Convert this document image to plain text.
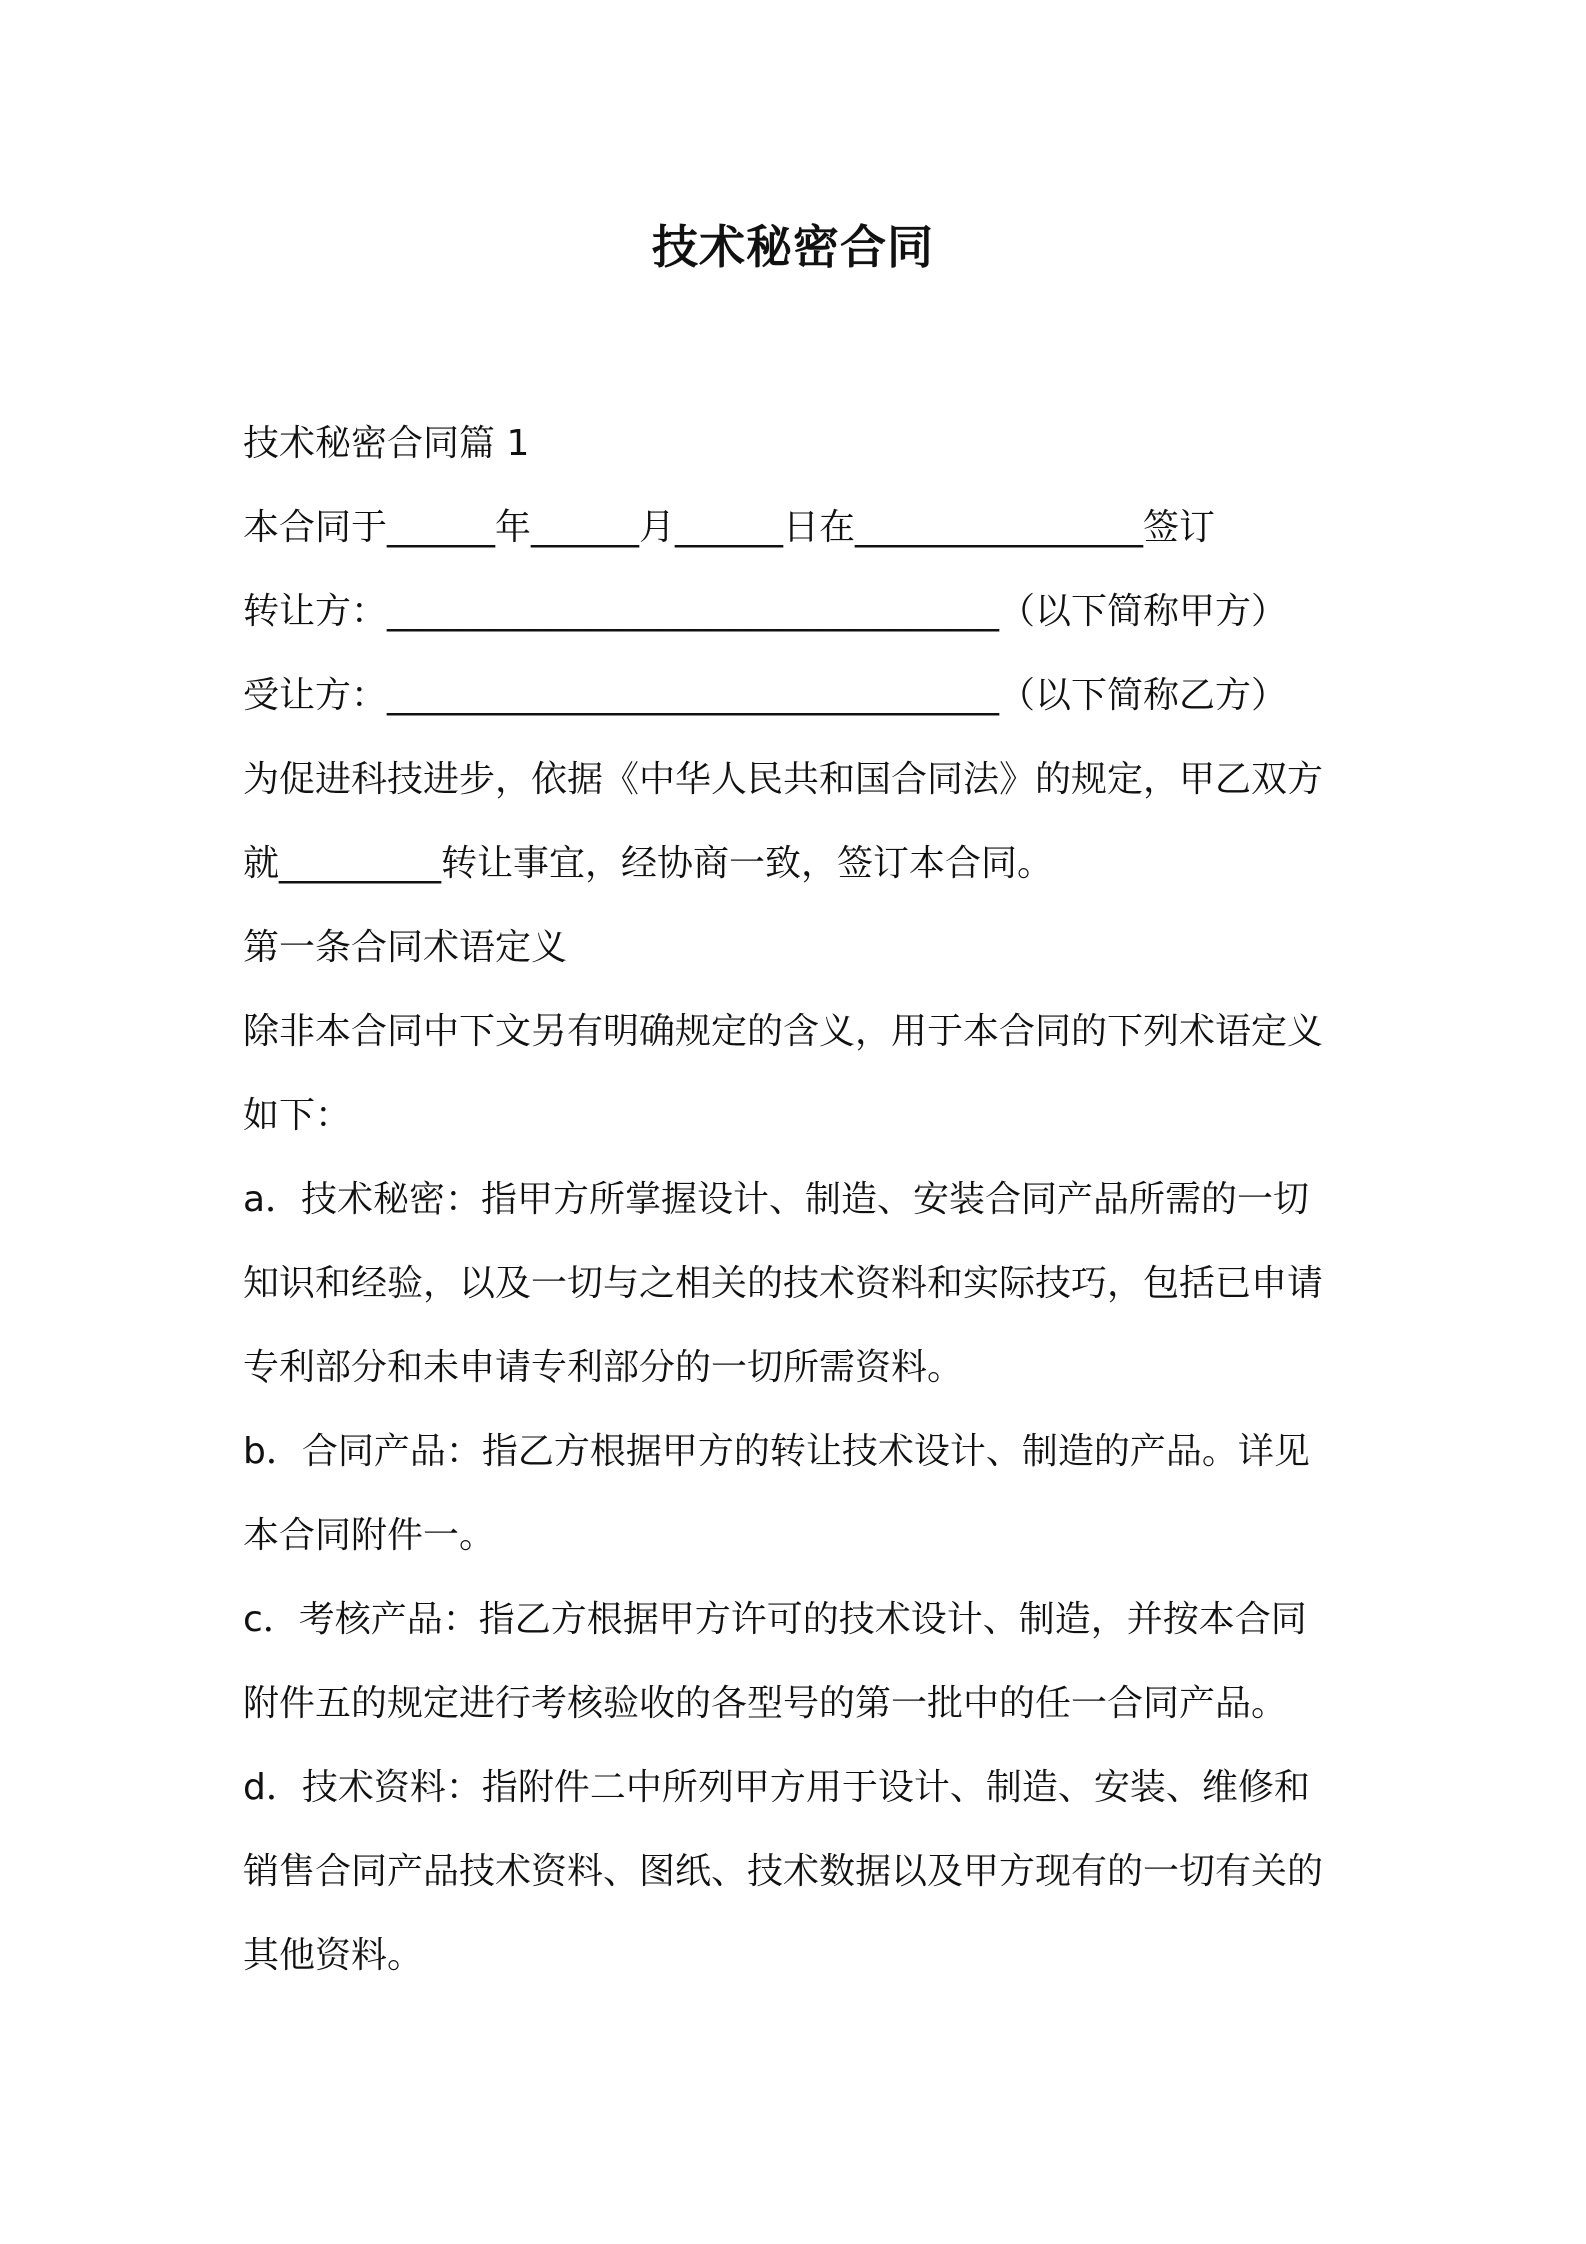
技术秘密合同
技术秘密合同篇 1
本合同于______年______月______日在________________签订
转让方：__________________________________（以下简称甲方）
受让方：__________________________________（以下简称乙方）
为促进科技进步，依据《中华人民共和国合同法》的规定，甲乙双方
就_________转让事宜，经协商一致，签订本合同。
第一条合同术语定义
除非本合同中下文另有明确规定的含义，用于本合同的下列术语定义
如下：
a．技术秘密：指甲方所掌握设计、制造、安装合同产品所需的一切
知识和经验，以及一切与之相关的技术资料和实际技巧，包括已申请
专利部分和未申请专利部分的一切所需资料。
b．合同产品：指乙方根据甲方的转让技术设计、制造的产品。详见
本合同附件一。
c．考核产品：指乙方根据甲方许可的技术设计、制造，并按本合同
附件五的规定进行考核验收的各型号的第一批中的任一合同产品。
d．技术资料：指附件二中所列甲方用于设计、制造、安装、维修和
销售合同产品技术资料、图纸、技术数据以及甲方现有的一切有关的
其他资料。
